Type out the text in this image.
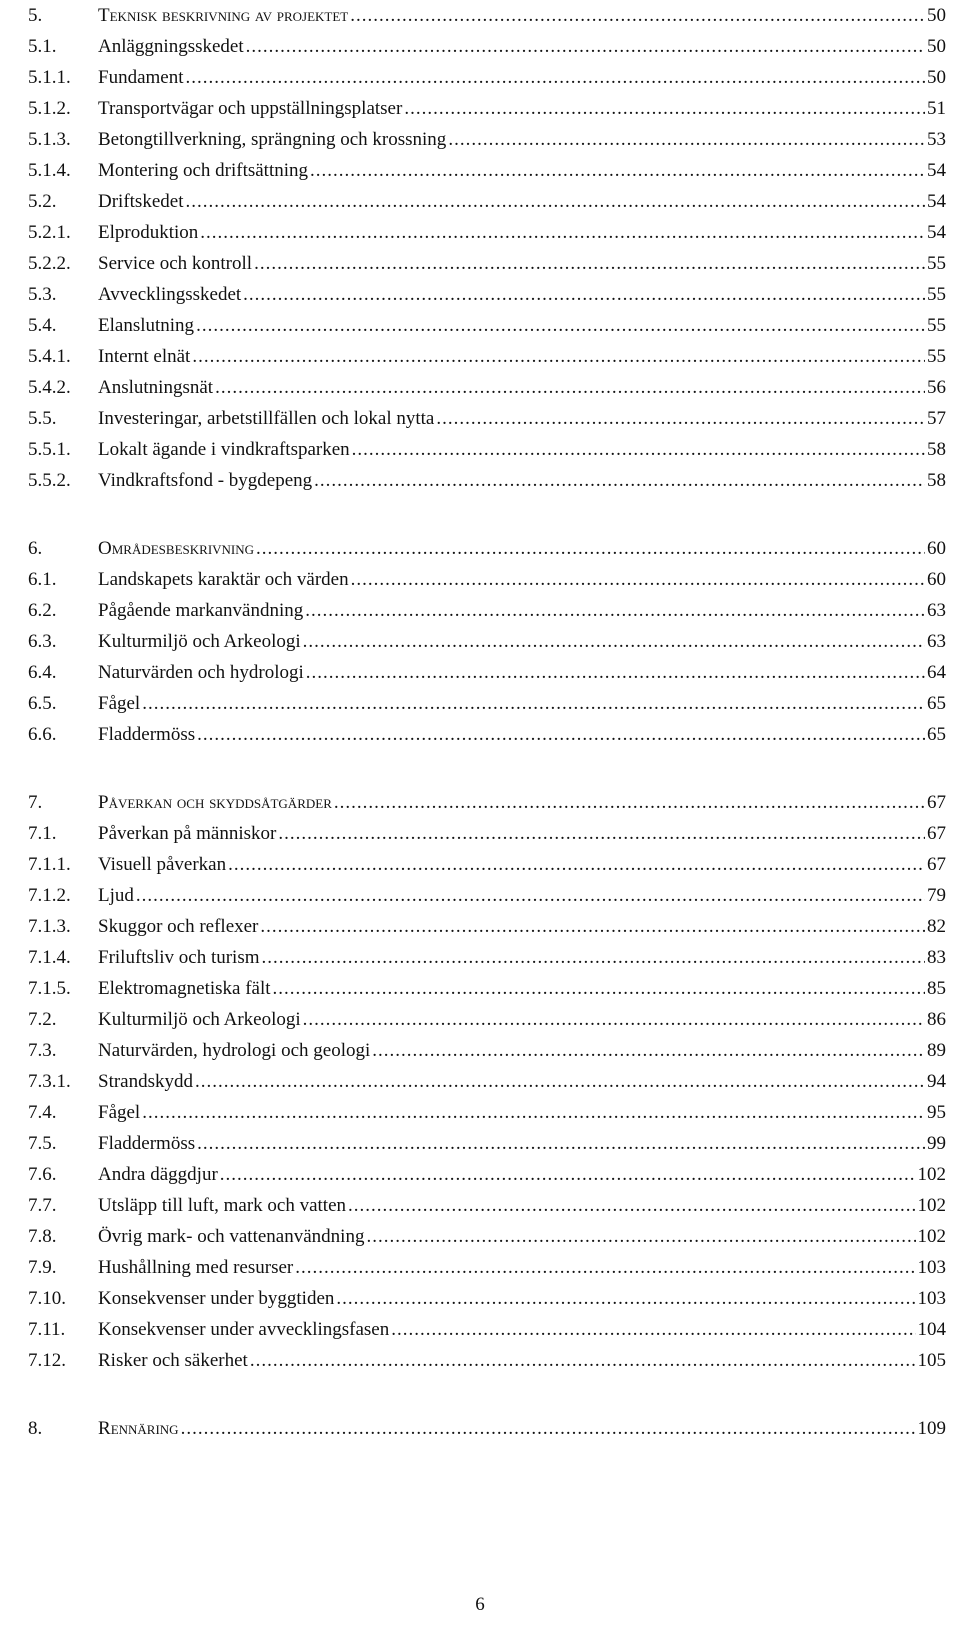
5.	teknisk beskrivning av projektet .....	50
5.1. Anläggningsskedet .....	50
5.1.1. Fundament .....	50
5.1.2. Transportvägar och uppställningsplatser .....	51
5.1.3. Betongtillverkning, sprängning och krossning .....	53
5.1.4. Montering och driftsättning .....	54
5.2. Driftskedet .....	54
5.2.1. Elproduktion .....	54
5.2.2. Service och kontroll .....	55
5.3. Avvecklingsskedet .....	55
5.4. Elanslutning .....	55
5.4.1. Internt elnät .....	55
5.4.2. Anslutningsnät .....	56
5.5. Investeringar, arbetstillfällen och lokal nytta .....	57
5.5.1. Lokalt ägande i vindkraftsparken .....	58
5.5.2. Vindkraftsfond - bygdepeng .....	58
6.	områdesbeskrivning .....	60
6.1. Landskapets karaktär och värden .....	60
6.2. Pågående markanvändning .....	63
6.3. Kulturmiljö och Arkeologi .....	63
6.4. Naturvärden och hydrologi .....	64
6.5. Fågel .....	65
6.6. Fladdermöss .....	65
7.	påverkan och skyddsåtgärder .....	67
7.1. Påverkan på människor .....	67
7.1.1. Visuell påverkan .....	67
7.1.2. Ljud .....	79
7.1.3. Skuggor och reflexer .....	82
7.1.4. Friluftsliv och turism .....	83
7.1.5. Elektromagnetiska fält .....	85
7.2. Kulturmiljö och Arkeologi .....	86
7.3. Naturvärden, hydrologi och geologi .....	89
7.3.1. Strandskydd .....	94
7.4. Fågel .....	95
7.5. Fladdermöss .....	99
7.6. Andra däggdjur .....	102
7.7. Utsläpp till luft, mark och vatten .....	102
7.8. Övrig mark- och vattenanvändning .....	102
7.9. Hushållning med resurser .....	103
7.10. Konsekvenser under byggtiden .....	103
7.11. Konsekvenser under avvecklingsfasen .....	104
7.12. Risker och säkerhet .....	105
8.	rennäring .....	109
6
